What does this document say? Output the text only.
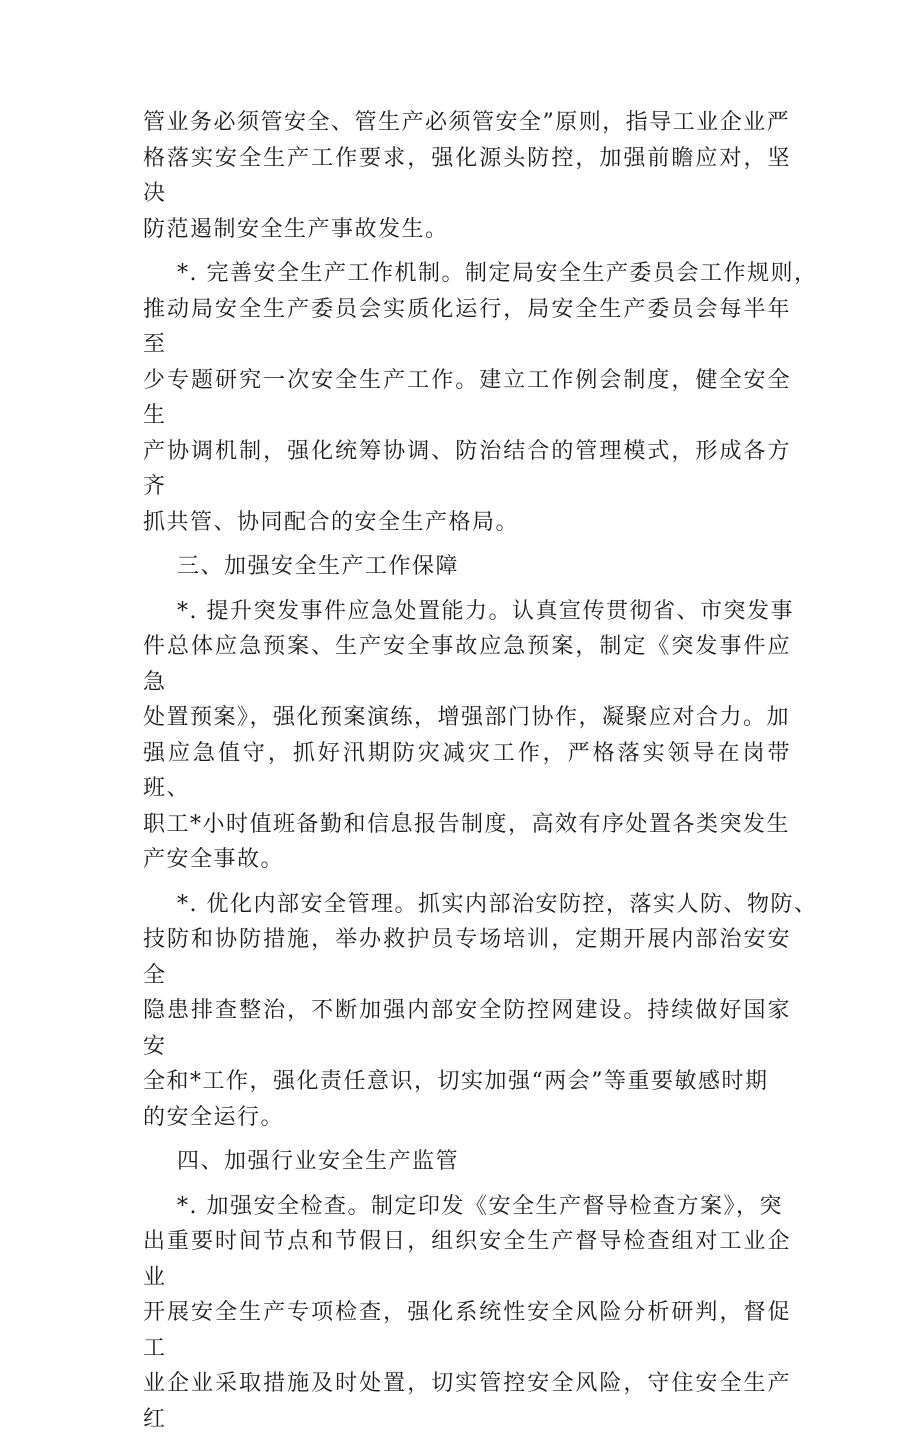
管业务必须管安全、管生产必须管安全”原则，指导工业企业严
格落实安全生产工作要求，强化源头防控，加强前瞻应对，坚决
防范遏制安全生产事故发生。

*. 完善安全生产工作机制。制定局安全生产委员会工作规则，
推动局安全生产委员会实质化运行，局安全生产委员会每半年至
少专题研究一次安全生产工作。建立工作例会制度，健全安全生
产协调机制，强化统筹协调、防治结合的管理模式，形成各方齐
抓共管、协同配合的安全生产格局。

三、加强安全生产工作保障

*. 提升突发事件应急处置能力。认真宣传贯彻省、市突发事
件总体应急预案、生产安全事故应急预案，制定《突发事件应急
处置预案》，强化预案演练，增强部门协作，凝聚应对合力。加
强应急值守，抓好汛期防灾减灾工作，严格落实领导在岗带班、
职工*小时值班备勤和信息报告制度，高效有序处置各类突发生
产安全事故。

*. 优化内部安全管理。抓实内部治安防控，落实人防、物防、
技防和协防措施，举办救护员专场培训，定期开展内部治安安全
隐患排查整治，不断加强内部安全防控网建设。持续做好国家安
全和*工作，强化责任意识，切实加强“两会”等重要敏感时期
的安全运行。

四、加强行业安全生产监管

*. 加强安全检查。制定印发《安全生产督导检查方案》，突
出重要时间节点和节假日，组织安全生产督导检查组对工业企业
开展安全生产专项检查，强化系统性安全风险分析研判，督促工
业企业采取措施及时处置，切实管控安全风险，守住安全生产红
